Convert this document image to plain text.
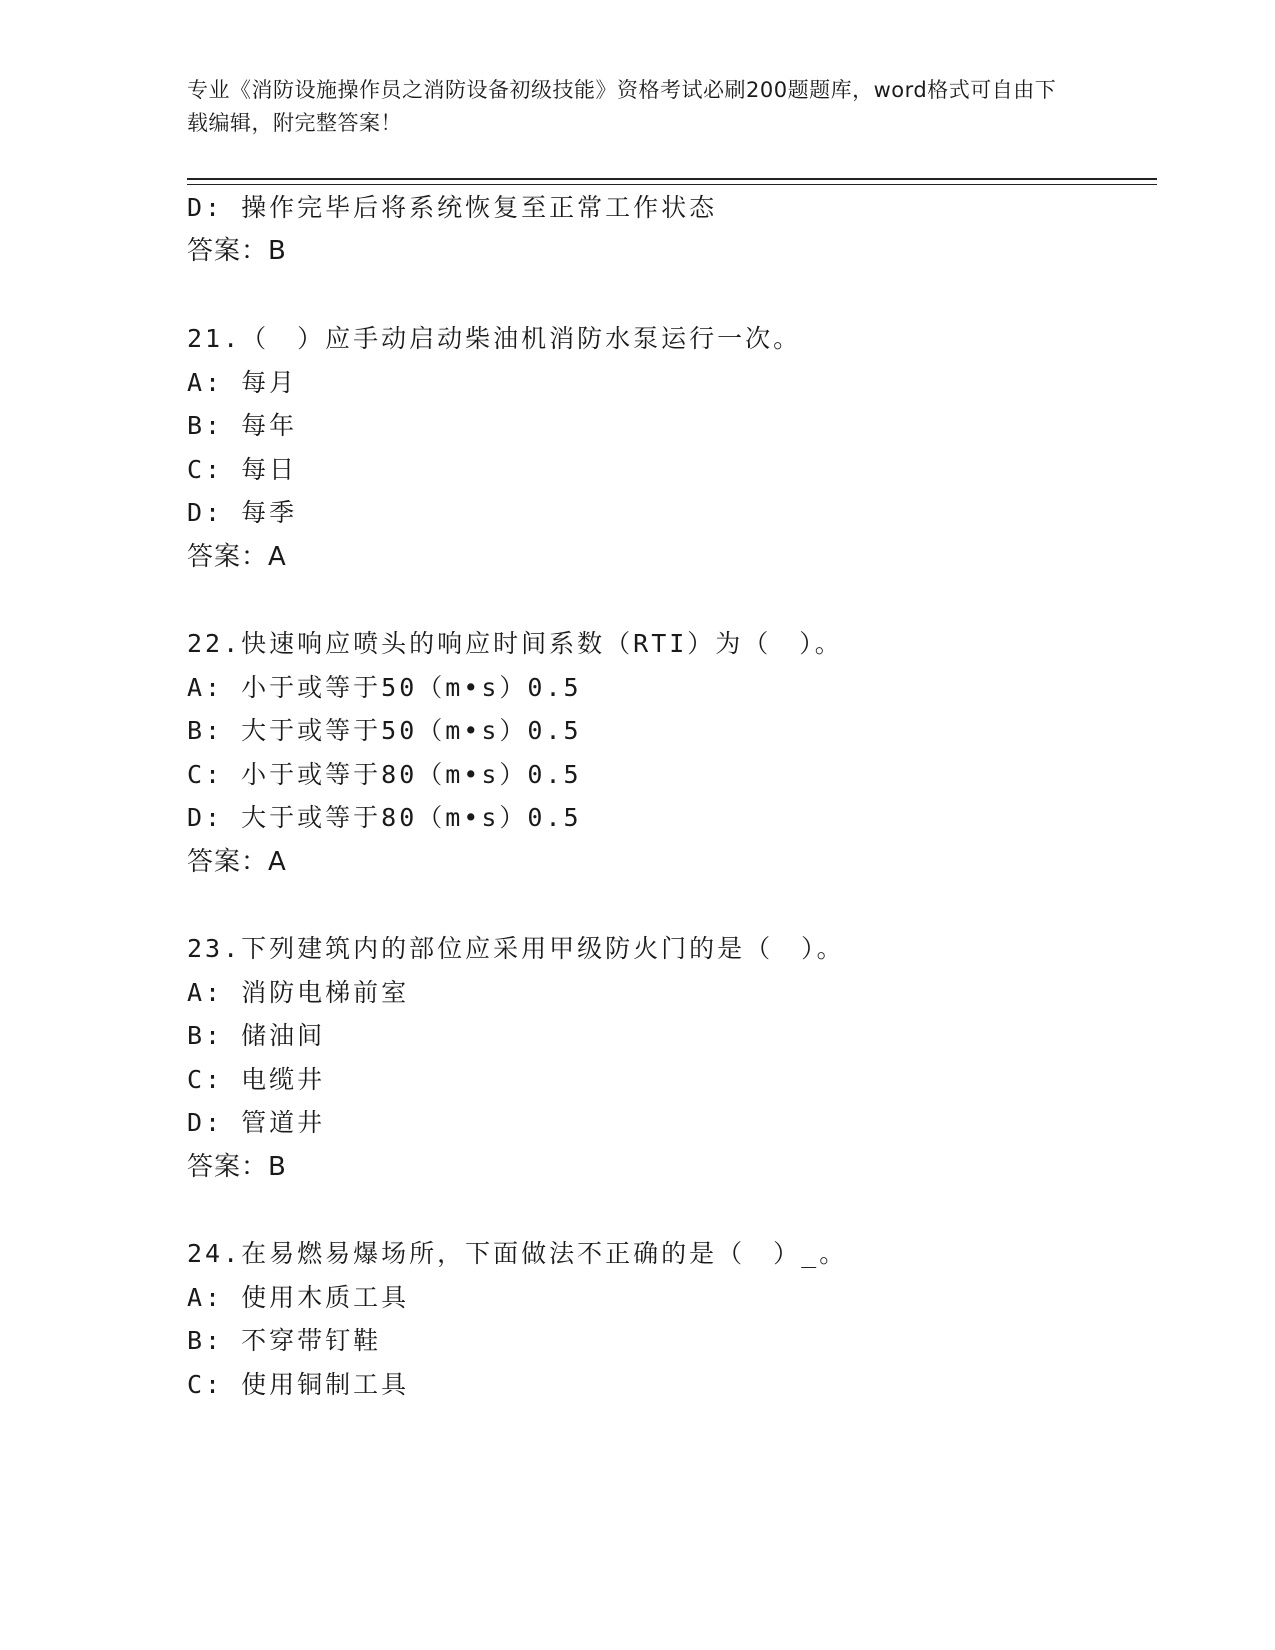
专业《消防设施操作员之消防设备初级技能》资格考试必刷200题题库，word格式可自由下载编辑，附完整答案！

D: 操作完毕后将系统恢复至正常工作状态

答案：B

21.（　）应手动启动柴油机消防水泵运行一次。

A: 每月

B: 每年

C: 每日

D: 每季

答案：A

22.快速响应喷头的响应时间系数（RTI）为（　）。

A: 小于或等于50（m•s）0.5

B: 大于或等于50（m•s）0.5

C: 小于或等于80（m•s）0.5

D: 大于或等于80（m•s）0.5

答案：A

23.下列建筑内的部位应采用甲级防火门的是（　）。

A: 消防电梯前室

B: 储油间

C: 电缆井

D: 管道井

答案：B

24.在易燃易爆场所，下面做法不正确的是（　）_。

A: 使用木质工具

B: 不穿带钉鞋

C: 使用铜制工具
